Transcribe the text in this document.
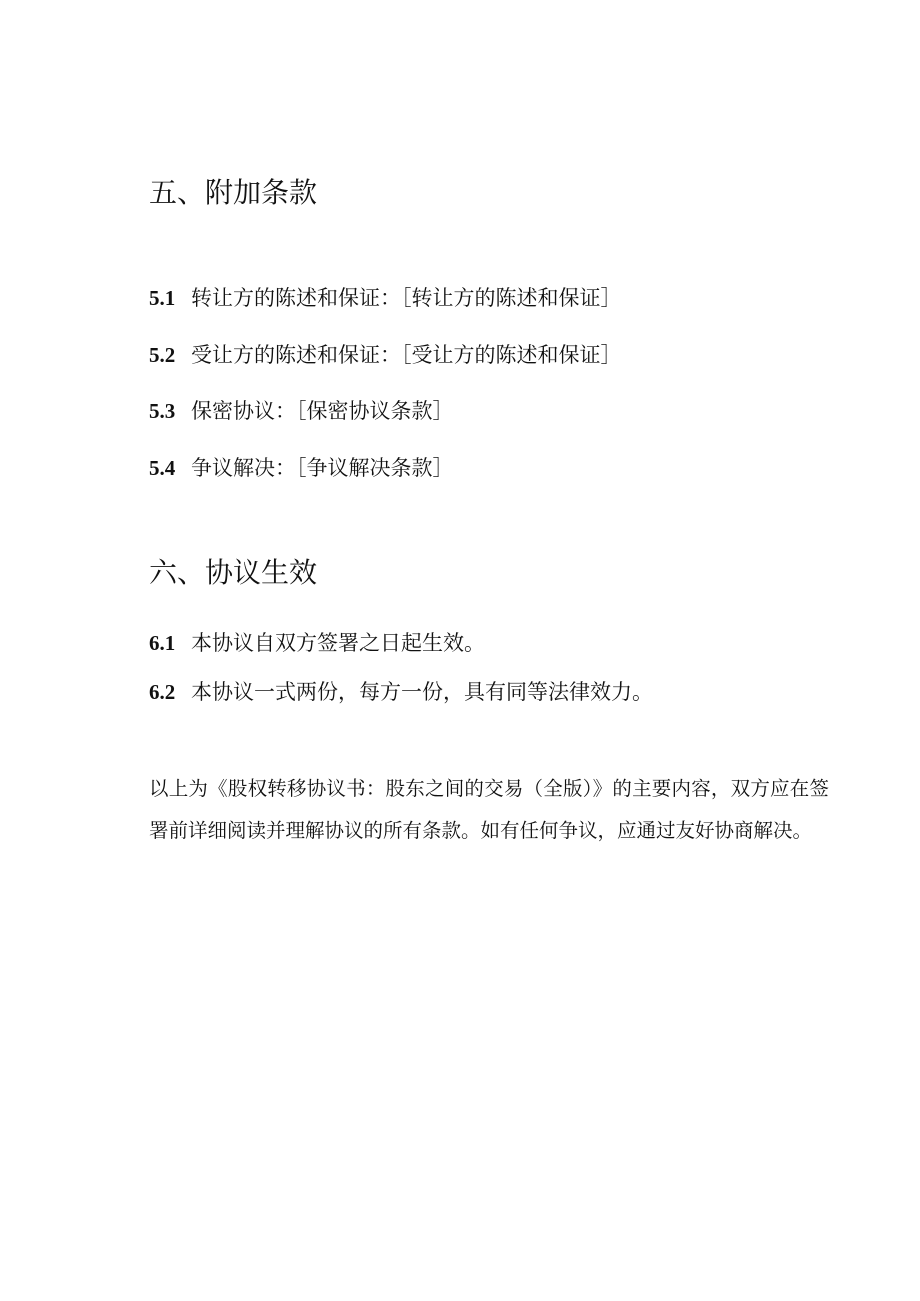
五、附加条款
5.1 转让方的陈述和保证：［转让方的陈述和保证］
5.2 受让方的陈述和保证：［受让方的陈述和保证］
5.3 保密协议：［保密协议条款］
5.4 争议解决：［争议解决条款］
六、协议生效
6.1 本协议自双方签署之日起生效。
6.2 本协议一式两份，每方一份，具有同等法律效力。

以上为《股权转移协议书：股东之间的交易（全版）》的主要内容，双方应在签署前详细阅读并理解协议的所有条款。如有任何争议，应通过友好协商解决。
